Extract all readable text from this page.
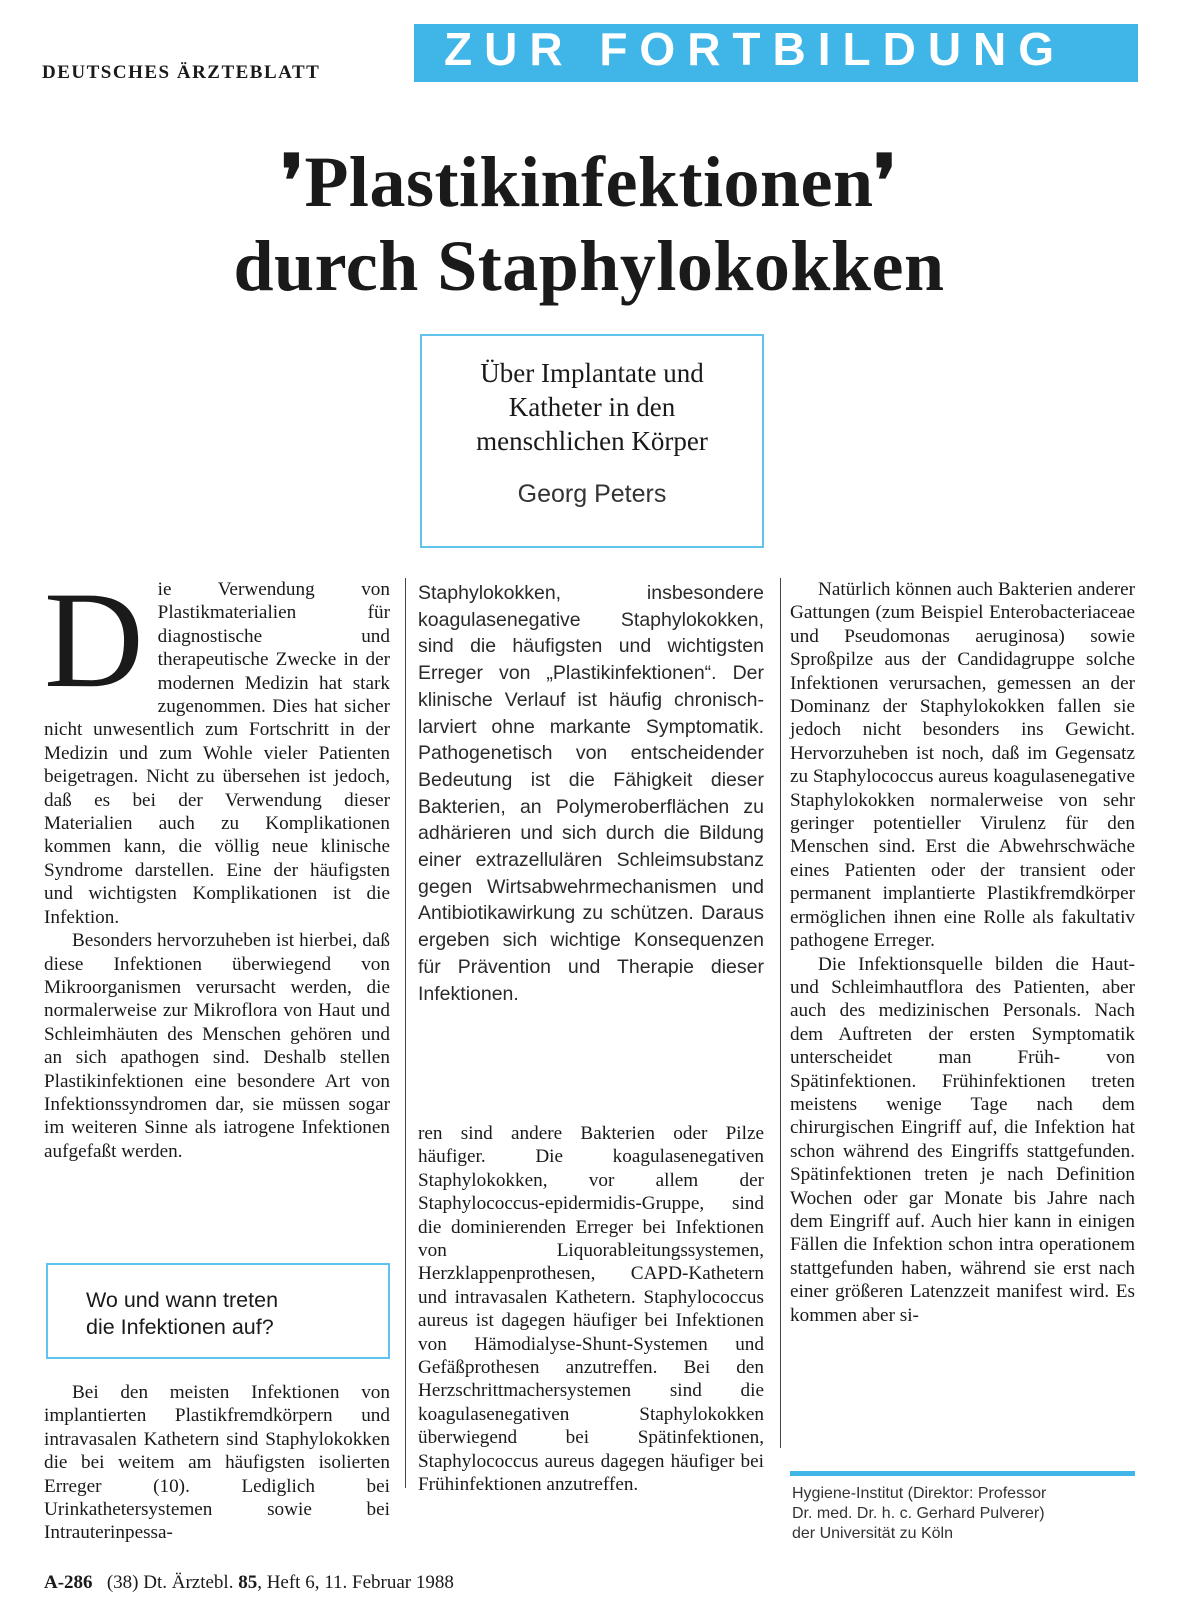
DEUTSCHES ÄRZTEBLATT	ZUR FORTBILDUNG
❜Plastikinfektionen❜
durch Staphylokokken
Über Implantate und
Katheter in den
menschlichen Körper
Georg Peters
D ie Verwendung von Plastikmaterialien für diagnostische und therapeutische Zwecke in der modernen Medizin hat stark zugenommen. Dies hat sicher nicht unwesentlich zum Fortschritt in der Medizin und zum Wohle vieler Patienten beigetragen. Nicht zu übersehen ist jedoch, daß es bei der Verwendung dieser Materialien auch zu Komplikationen kommen kann, die völlig neue klinische Syndrome darstellen. Eine der häufigsten und wichtigsten Komplikationen ist die Infektion.

Besonders hervorzuheben ist hierbei, daß diese Infektionen überwiegend von Mikroorganismen verursacht werden, die normalerweise zur Mikroflora von Haut und Schleimhäuten des Menschen gehören und an sich apathogen sind. Deshalb stellen Plastikinfektionen eine besondere Art von Infektionssyndromen dar, sie müssen sogar im weiteren Sinne als iatrogene Infektionen aufgefaßt werden.

Wo und wann treten
die Infektionen auf?

Bei den meisten Infektionen von implantierten Plastikfremdkörpern und intravasalen Kathetern sind Staphylokokken die bei weitem am häufigsten isolierten Erreger (10). Lediglich bei Urinkathetersystemen sowie bei Intrauterinpessa-

Staphylokokken, insbesondere koagulasenegative Staphylokokken, sind die häufigsten und wichtigsten Erreger von „Plastikinfektionen“. Der klinische Verlauf ist häufig chronisch-larviert ohne markante Symptomatik. Pathogenetisch von entscheidender Bedeutung ist die Fähigkeit dieser Bakterien, an Polymeroberflächen zu adhärieren und sich durch die Bildung einer extrazellulären Schleimsubstanz gegen Wirtsabwehrmechanismen und Antibiotikawirkung zu schützen. Daraus ergeben sich wichtige Konsequenzen für Prävention und Therapie dieser Infektionen.

ren sind andere Bakterien oder Pilze häufiger. Die koagulasenegativen Staphylokokken, vor allem der Staphylococcus-epidermidis-Gruppe, sind die dominierenden Erreger bei Infektionen von Liquorableitungssystemen, Herzklappenprothesen, CAPD-Kathetern und intravasalen Kathetern. Staphylococcus aureus ist dagegen häufiger bei Infektionen von Hämodialyse-Shunt-Systemen und Gefäßprothesen anzutreffen. Bei den Herzschrittmachersystemen sind die koagulasenegativen Staphylokokken überwiegend bei Spätinfektionen, Staphylococcus aureus dagegen häufiger bei Frühinfektionen anzutreffen.

Natürlich können auch Bakterien anderer Gattungen (zum Beispiel Enterobacteriaceae und Pseudomonas aeruginosa) sowie Sproßpilze aus der Candidagruppe solche Infektionen verursachen, gemessen an der Dominanz der Staphylokokken fallen sie jedoch nicht besonders ins Gewicht. Hervorzuheben ist noch, daß im Gegensatz zu Staphylococcus aureus koagulasenegative Staphylokokken normalerweise von sehr geringer potentieller Virulenz für den Menschen sind. Erst die Abwehrschwäche eines Patienten oder der transient oder permanent implantierte Plastikfremdkörper ermöglichen ihnen eine Rolle als fakultativ pathogene Erreger.

Die Infektionsquelle bilden die Haut- und Schleimhautflora des Patienten, aber auch des medizinischen Personals. Nach dem Auftreten der ersten Symptomatik unterscheidet man Früh- von Spätinfektionen. Frühinfektionen treten meistens wenige Tage nach dem chirurgischen Eingriff auf, die Infektion hat schon während des Eingriffs stattgefunden. Spätinfektionen treten je nach Definition Wochen oder gar Monate bis Jahre nach dem Eingriff auf. Auch hier kann in einigen Fällen die Infektion schon intra operationem stattgefunden haben, während sie erst nach einer größeren Latenzzeit manifest wird. Es kommen aber si-

Hygiene-Institut (Direktor: Professor
Dr. med. Dr. h. c. Gerhard Pulverer)
der Universität zu Köln
A-286 (38) Dt. Ärztebl. 85, Heft 6, 11. Februar 1988
